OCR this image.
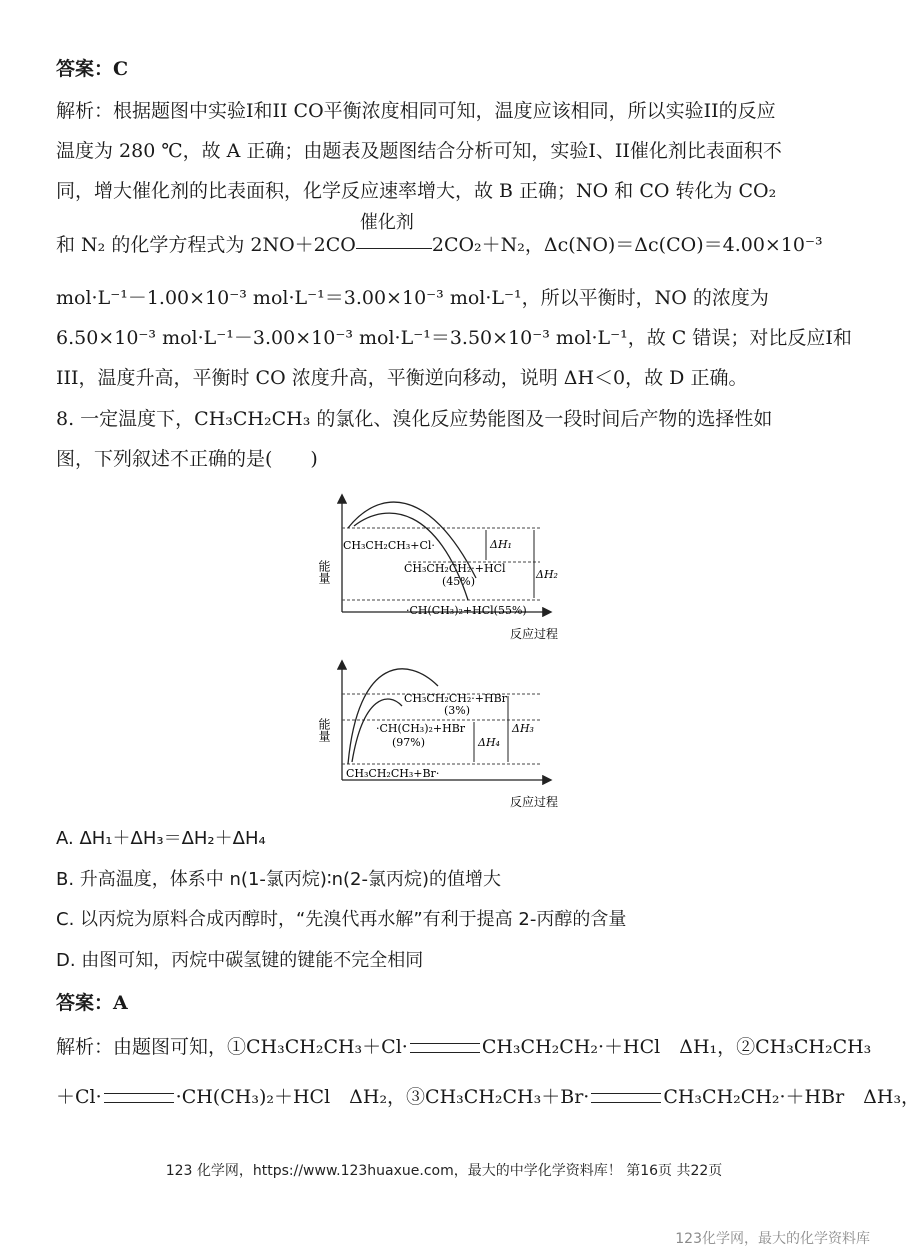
答案：C
解析：根据题图中实验I和II CO平衡浓度相同可知，温度应该相同，所以实验II的反应
温度为 280 ℃，故 A 正确；由题表及题图结合分析可知，实验I、II催化剂比表面积不
同，增大催化剂的比表面积，化学反应速率增大，故 B 正确；NO 和 CO 转化为 CO₂
和 N₂ 的化学方程式为 2NO＋2CO
催化剂
2CO₂＋N₂，Δc(NO)＝Δc(CO)＝4.00×10⁻³
mol·L⁻¹－1.00×10⁻³ mol·L⁻¹＝3.00×10⁻³ mol·L⁻¹，所以平衡时，NO 的浓度为
6.50×10⁻³ mol·L⁻¹－3.00×10⁻³ mol·L⁻¹＝3.50×10⁻³ mol·L⁻¹，故 C 错误；对比反应I和
III，温度升高，平衡时 CO 浓度升高，平衡逆向移动，说明 ΔH＜0，故 D 正确。
8. 一定温度下，CH₃CH₂CH₃ 的氯化、溴化反应势能图及一段时间后产物的选择性如
图，下列叙述不正确的是(　　)
能量
CH₃CH₂CH₃+Cl·
CH₃CH₂CH₂·+HCl
(45%)
·CH(CH₃)₂+HCl(55%)
ΔH₁
ΔH₂
反应过程
能量
CH₃CH₂CH₂·+HBr
(3%)
·CH(CH₃)₂+HBr
(97%)
CH₃CH₂CH₃+Br·
ΔH₄
ΔH₃
反应过程
A. ΔH₁＋ΔH₃＝ΔH₂＋ΔH₄
B. 升高温度，体系中 n(1-氯丙烷)∶n(2-氯丙烷)的值增大
C. 以丙烷为原料合成丙醇时，“先溴代再水解”有利于提高 2-丙醇的含量
D. 由图可知，丙烷中碳氢键的键能不完全相同
答案：A
解析：由题图可知，①CH₃CH₂CH₃＋Cl·	CH₃CH₂CH₂·＋HCl　ΔH₁，②CH₃CH₂CH₃
＋Cl·	·CH(CH₃)₂＋HCl　ΔH₂，③CH₃CH₂CH₃＋Br·	CH₃CH₂CH₂·＋HBr　ΔH₃，
123 化学网，https://www.123huaxue.com，最大的中学化学资料库！ 第16页 共22页
123化学网，最大的化学资料库
